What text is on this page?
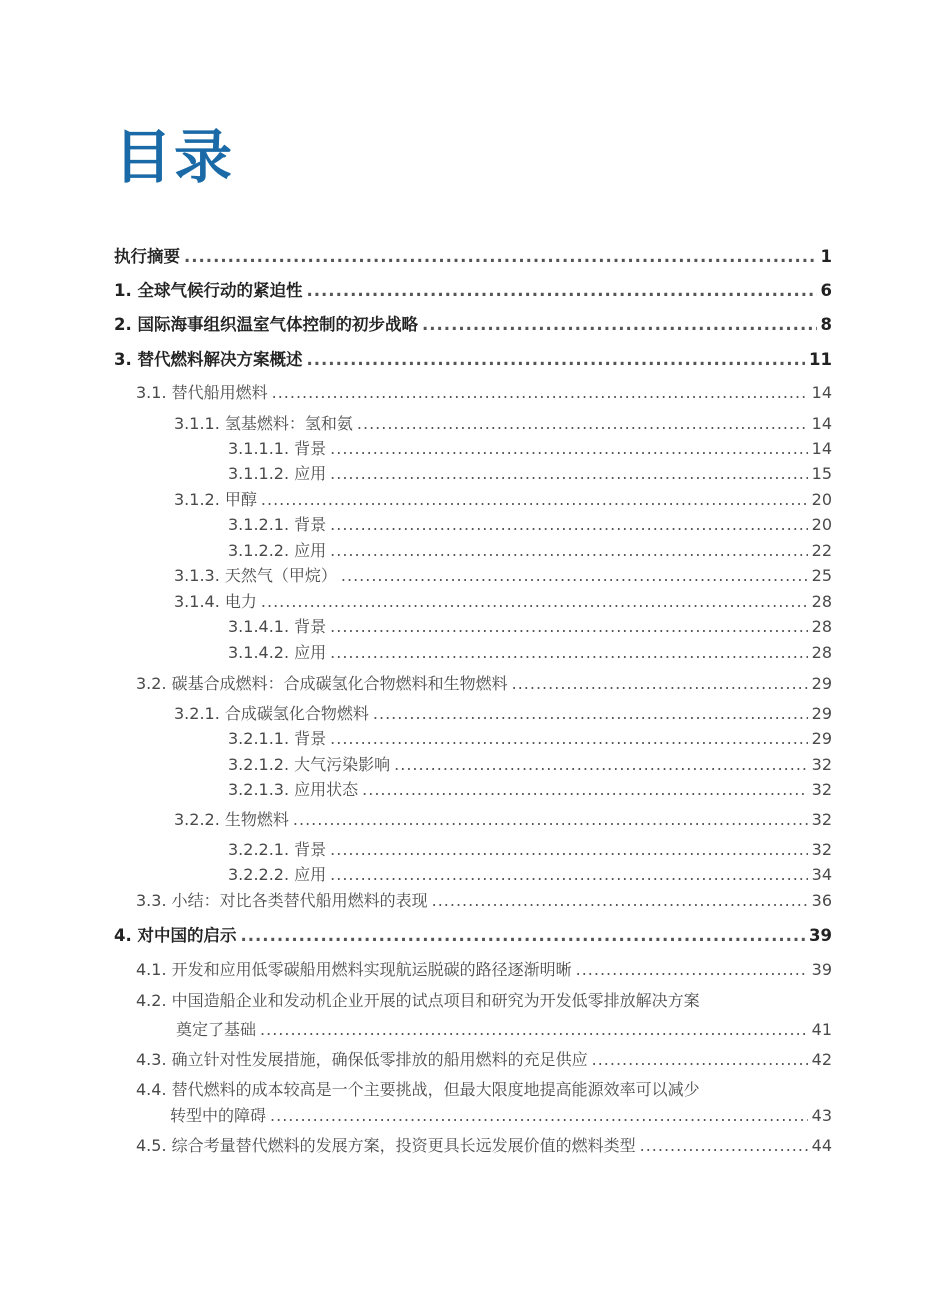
目录
执行摘要 .....	1
1. 全球气候行动的紧迫性 .....	6
2. 国际海事组织温室气体控制的初步战略 .....	8
3. 替代燃料解决方案概述 .....	11
3.1. 替代船用燃料 .....	14
3.1.1. 氢基燃料：氢和氨 .....	14
3.1.1.1. 背景 .....	14
3.1.1.2. 应用 .....	15
3.1.2. 甲醇 .....	20
3.1.2.1. 背景 .....	20
3.1.2.2. 应用 .....	22
3.1.3. 天然气（甲烷） .....	25
3.1.4. 电力 .....	28
3.1.4.1. 背景 .....	28
3.1.4.2. 应用 .....	28
3.2. 碳基合成燃料：合成碳氢化合物燃料和生物燃料 .....	29
3.2.1. 合成碳氢化合物燃料 .....	29
3.2.1.1. 背景 .....	29
3.2.1.2. 大气污染影响 .....	32
3.2.1.3. 应用状态 .....	32
3.2.2. 生物燃料 .....	32
3.2.2.1. 背景 .....	32
3.2.2.2. 应用 .....	34
3.3. 小结：对比各类替代船用燃料的表现 .....	36
4. 对中国的启示 .....	39
4.1. 开发和应用低零碳船用燃料实现航运脱碳的路径逐渐明晰 .....	39
4.2. 中国造船企业和发动机企业开展的试点项目和研究为开发低零排放解决方案
奠定了基础 .....	41
4.3. 确立针对性发展措施，确保低零排放的船用燃料的充足供应 .....	42
4.4. 替代燃料的成本较高是一个主要挑战，但最大限度地提高能源效率可以减少
转型中的障碍 .....	43
4.5. 综合考量替代燃料的发展方案，投资更具长远发展价值的燃料类型 .....	44
